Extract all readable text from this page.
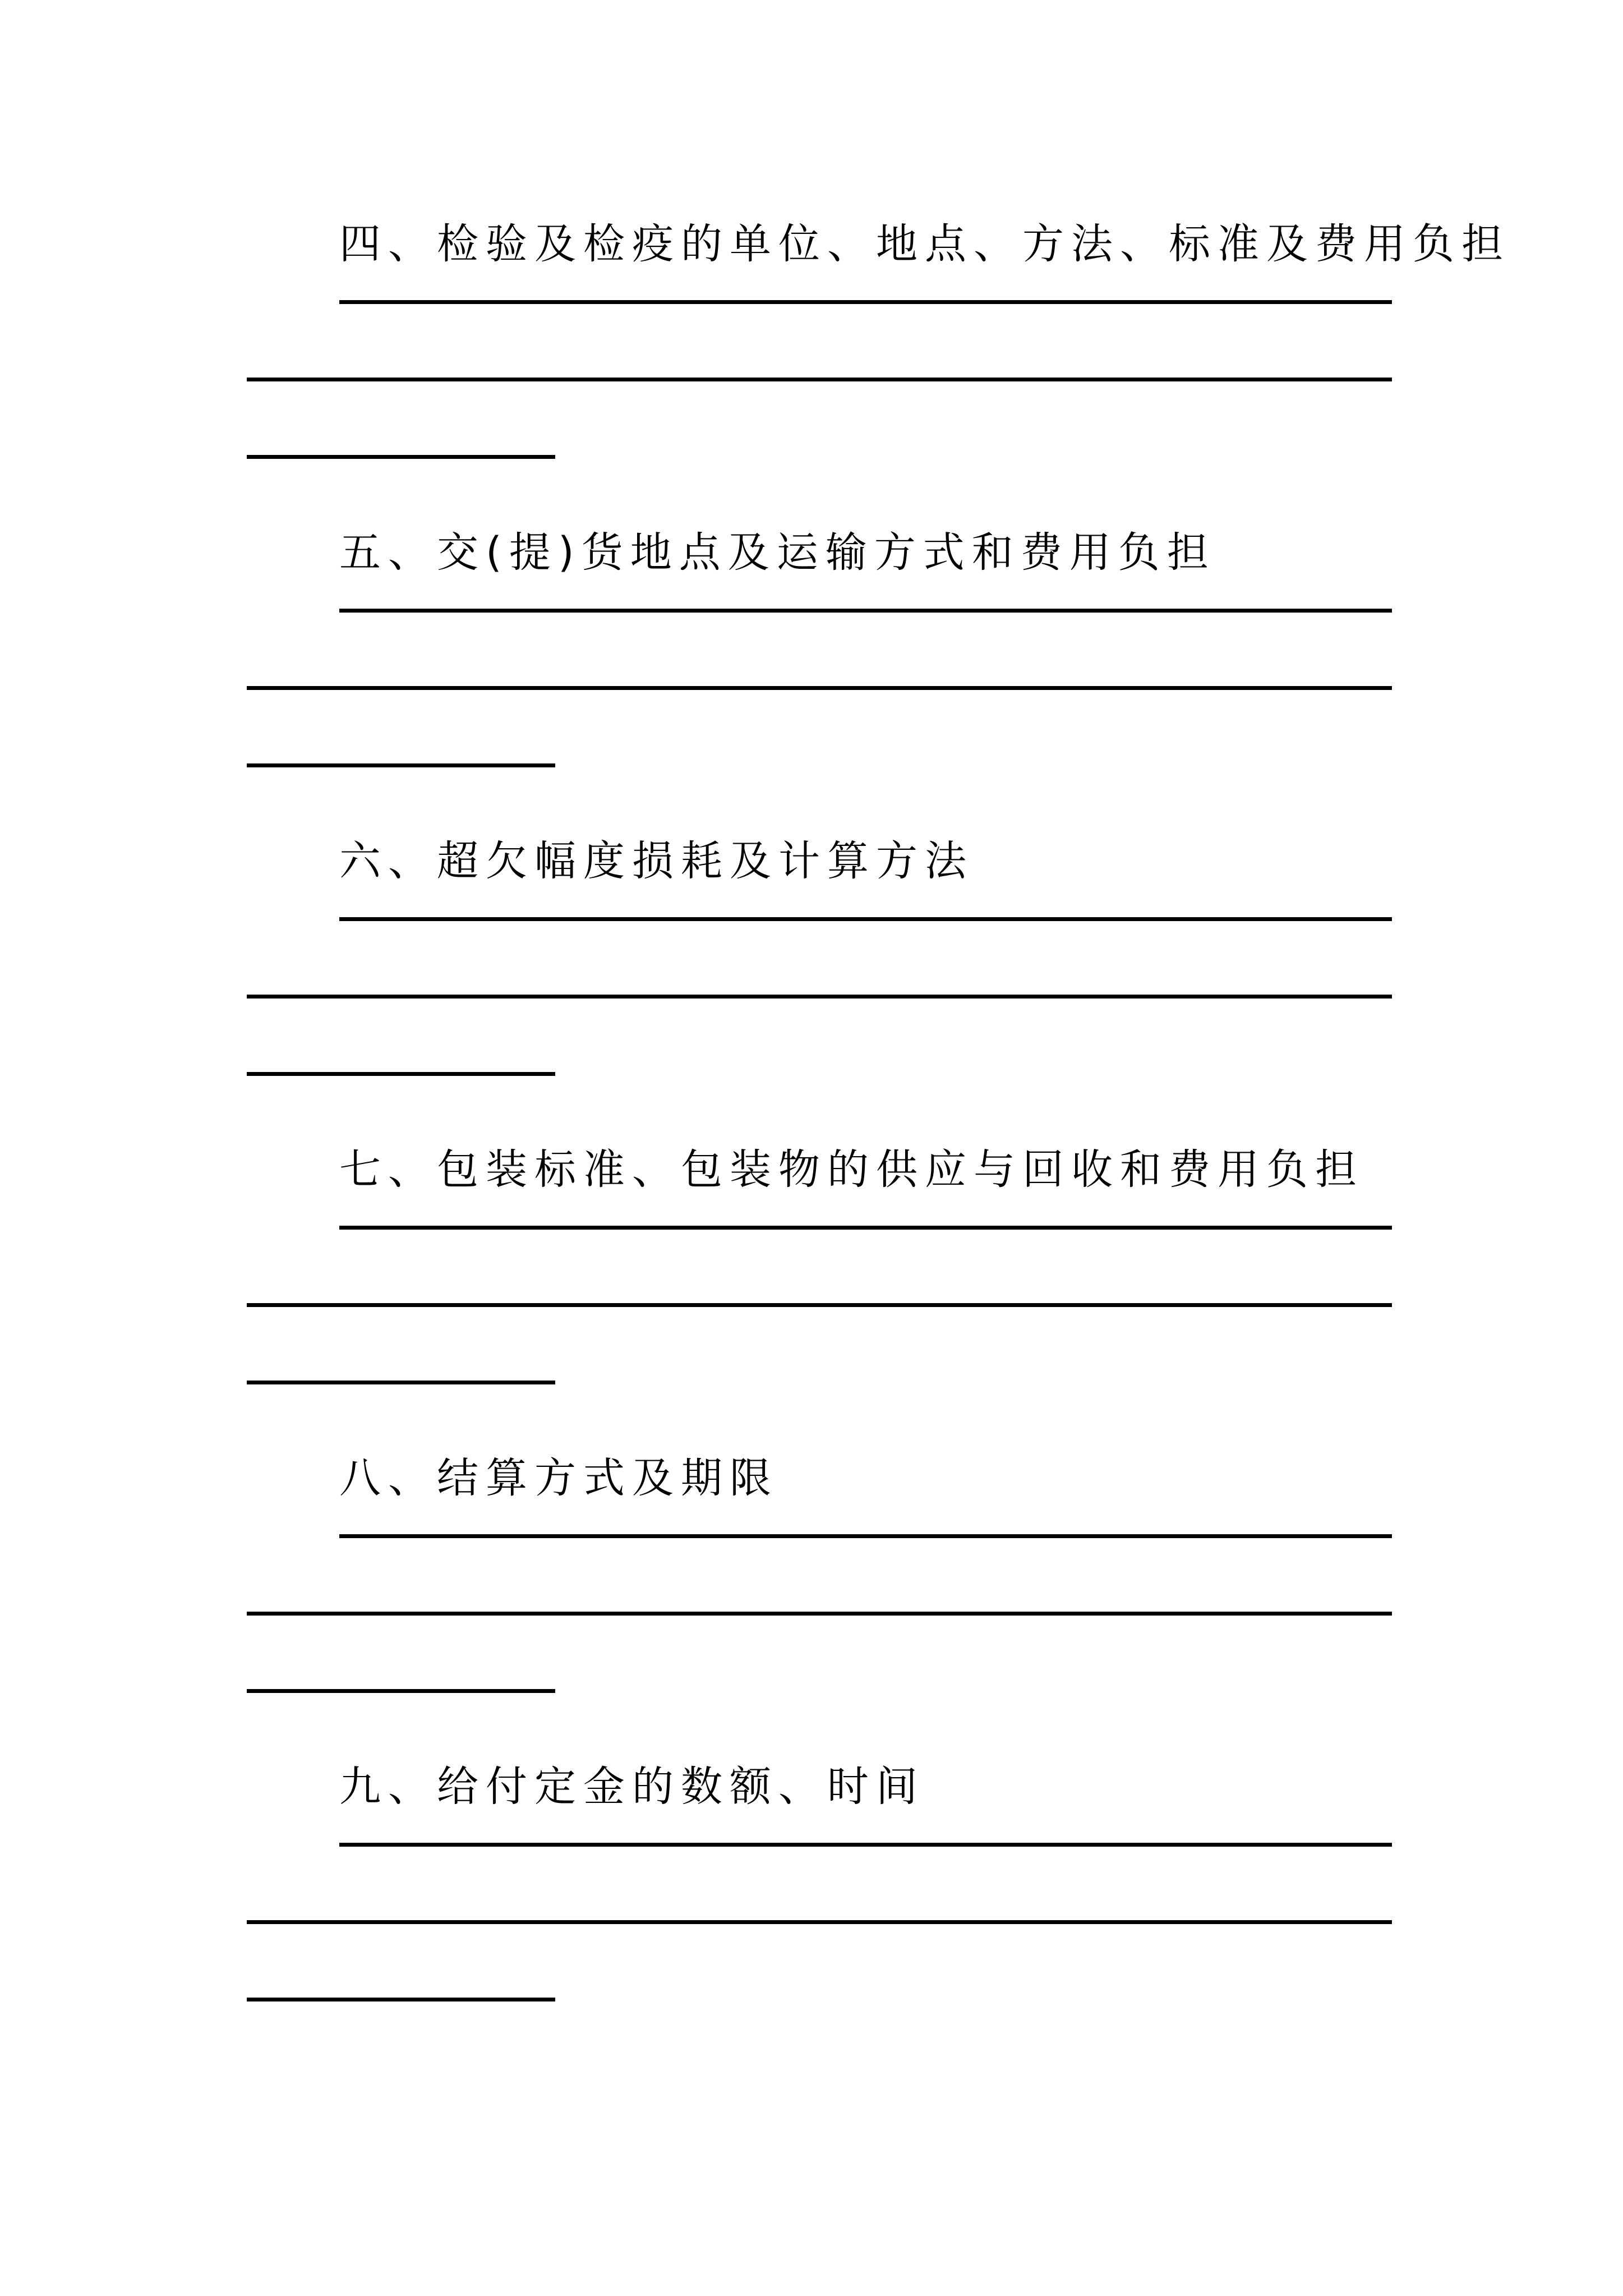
四、检验及检疫的单位、地点、方法、标准及费用负担
五、交(提)货地点及运输方式和费用负担
六、超欠幅度损耗及计算方法
七、包装标准、包装物的供应与回收和费用负担
八、结算方式及期限
九、给付定金的数额、时间
